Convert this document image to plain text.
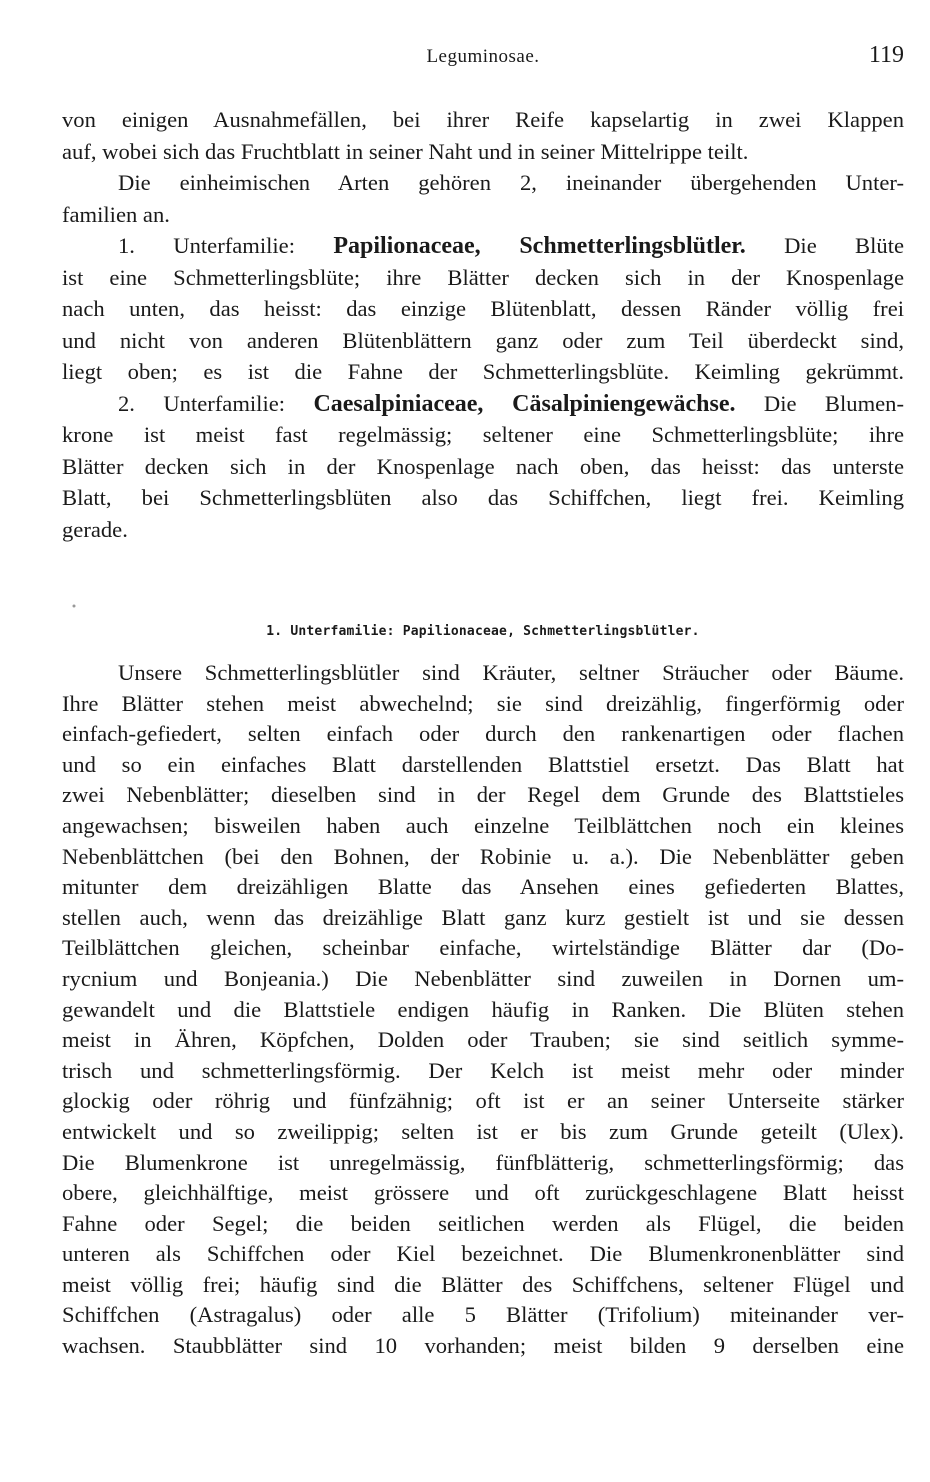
Leguminosae.	119
von einigen Ausnahmefällen, bei ihrer Reife kapselartig in zwei Klappen
auf, wobei sich das Fruchtblatt in seiner Naht und in seiner Mittelrippe teilt.
Die einheimischen Arten gehören 2, ineinander übergehenden Unter-
familien an.
1. Unterfamilie: Papilionaceae, Schmetterlingsblütler. Die Blüte
ist eine Schmetterlingsblüte; ihre Blätter decken sich in der Knospenlage
nach unten, das heisst: das einzige Blütenblatt, dessen Ränder völlig frei
und nicht von anderen Blütenblättern ganz oder zum Teil überdeckt sind,
liegt oben; es ist die Fahne der Schmetterlingsblüte. Keimling gekrümmt.
2. Unterfamilie: Caesalpiniaceae, Cäsalpiniengewächse. Die Blumen-
krone ist meist fast regelmässig; seltener eine Schmetterlingsblüte; ihre
Blätter decken sich in der Knospenlage nach oben, das heisst: das unterste
Blatt, bei Schmetterlingsblüten also das Schiffchen, liegt frei. Keimling
gerade.
1. Unterfamilie: Papilionaceae, Schmetterlingsblütler.
Unsere Schmetterlingsblütler sind Kräuter, seltner Sträucher oder Bäume.
Ihre Blätter stehen meist abwechelnd; sie sind dreizählig, fingerförmig oder
einfach-gefiedert, selten einfach oder durch den rankenartigen oder flachen
und so ein einfaches Blatt darstellenden Blattstiel ersetzt. Das Blatt hat
zwei Nebenblätter; dieselben sind in der Regel dem Grunde des Blattstieles
angewachsen; bisweilen haben auch einzelne Teilblättchen noch ein kleines
Nebenblättchen (bei den Bohnen, der Robinie u. a.). Die Nebenblätter geben
mitunter dem dreizähligen Blatte das Ansehen eines gefiederten Blattes,
stellen auch, wenn das dreizählige Blatt ganz kurz gestielt ist und sie dessen
Teilblättchen gleichen, scheinbar einfache, wirtelständige Blätter dar (Do-
rycnium und Bonjeania.) Die Nebenblätter sind zuweilen in Dornen um-
gewandelt und die Blattstiele endigen häufig in Ranken. Die Blüten stehen
meist in Ähren, Köpfchen, Dolden oder Trauben; sie sind seitlich symme-
trisch und schmetterlingsförmig. Der Kelch ist meist mehr oder minder
glockig oder röhrig und fünfzähnig; oft ist er an seiner Unterseite stärker
entwickelt und so zweilippig; selten ist er bis zum Grunde geteilt (Ulex).
Die Blumenkrone ist unregelmässig, fünfblätterig, schmetterlingsförmig; das
obere, gleichhälftige, meist grössere und oft zurückgeschlagene Blatt heisst
Fahne oder Segel; die beiden seitlichen werden als Flügel, die beiden
unteren als Schiffchen oder Kiel bezeichnet. Die Blumenkronenblätter sind
meist völlig frei; häufig sind die Blätter des Schiffchens, seltener Flügel und
Schiffchen (Astragalus) oder alle 5 Blätter (Trifolium) miteinander ver-
wachsen. Staubblätter sind 10 vorhanden; meist bilden 9 derselben eine
